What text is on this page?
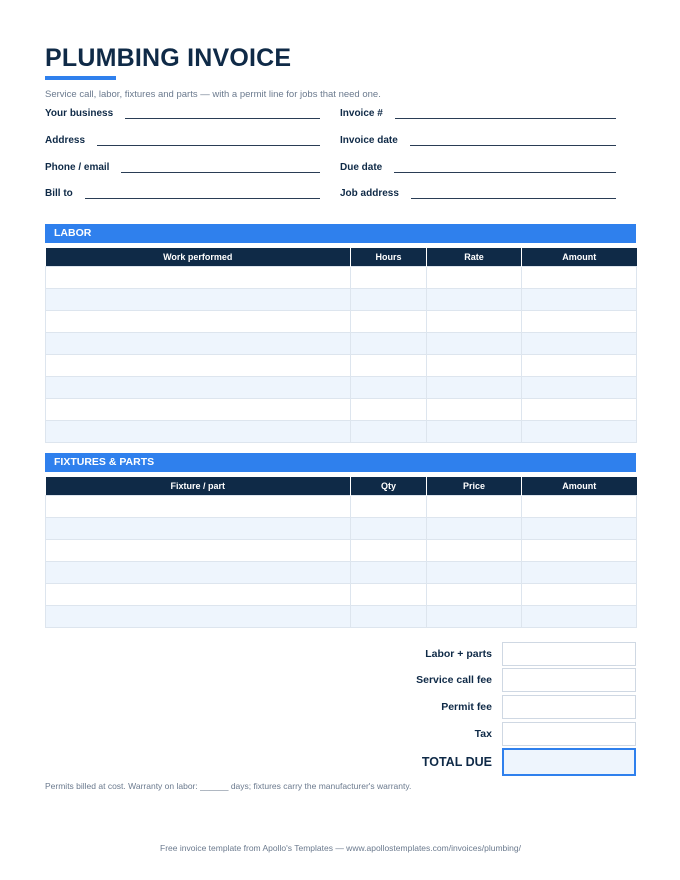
PLUMBING INVOICE
Service call, labor, fixtures and parts — with a permit line for jobs that need one.
Your business
Address
Phone / email
Bill to
Invoice #
Invoice date
Due date
Job address
LABOR
Work performed	Hours	Rate	Amount

FIXTURES & PARTS
Fixture / part	Qty	Price	Amount

Labor + parts
Service call fee
Permit fee
Tax
TOTAL DUE
Permits billed at cost. Warranty on labor: ______ days; fixtures carry the manufacturer's warranty.
Free invoice template from Apollo's Templates — www.apollostemplates.com/invoices/plumbing/
